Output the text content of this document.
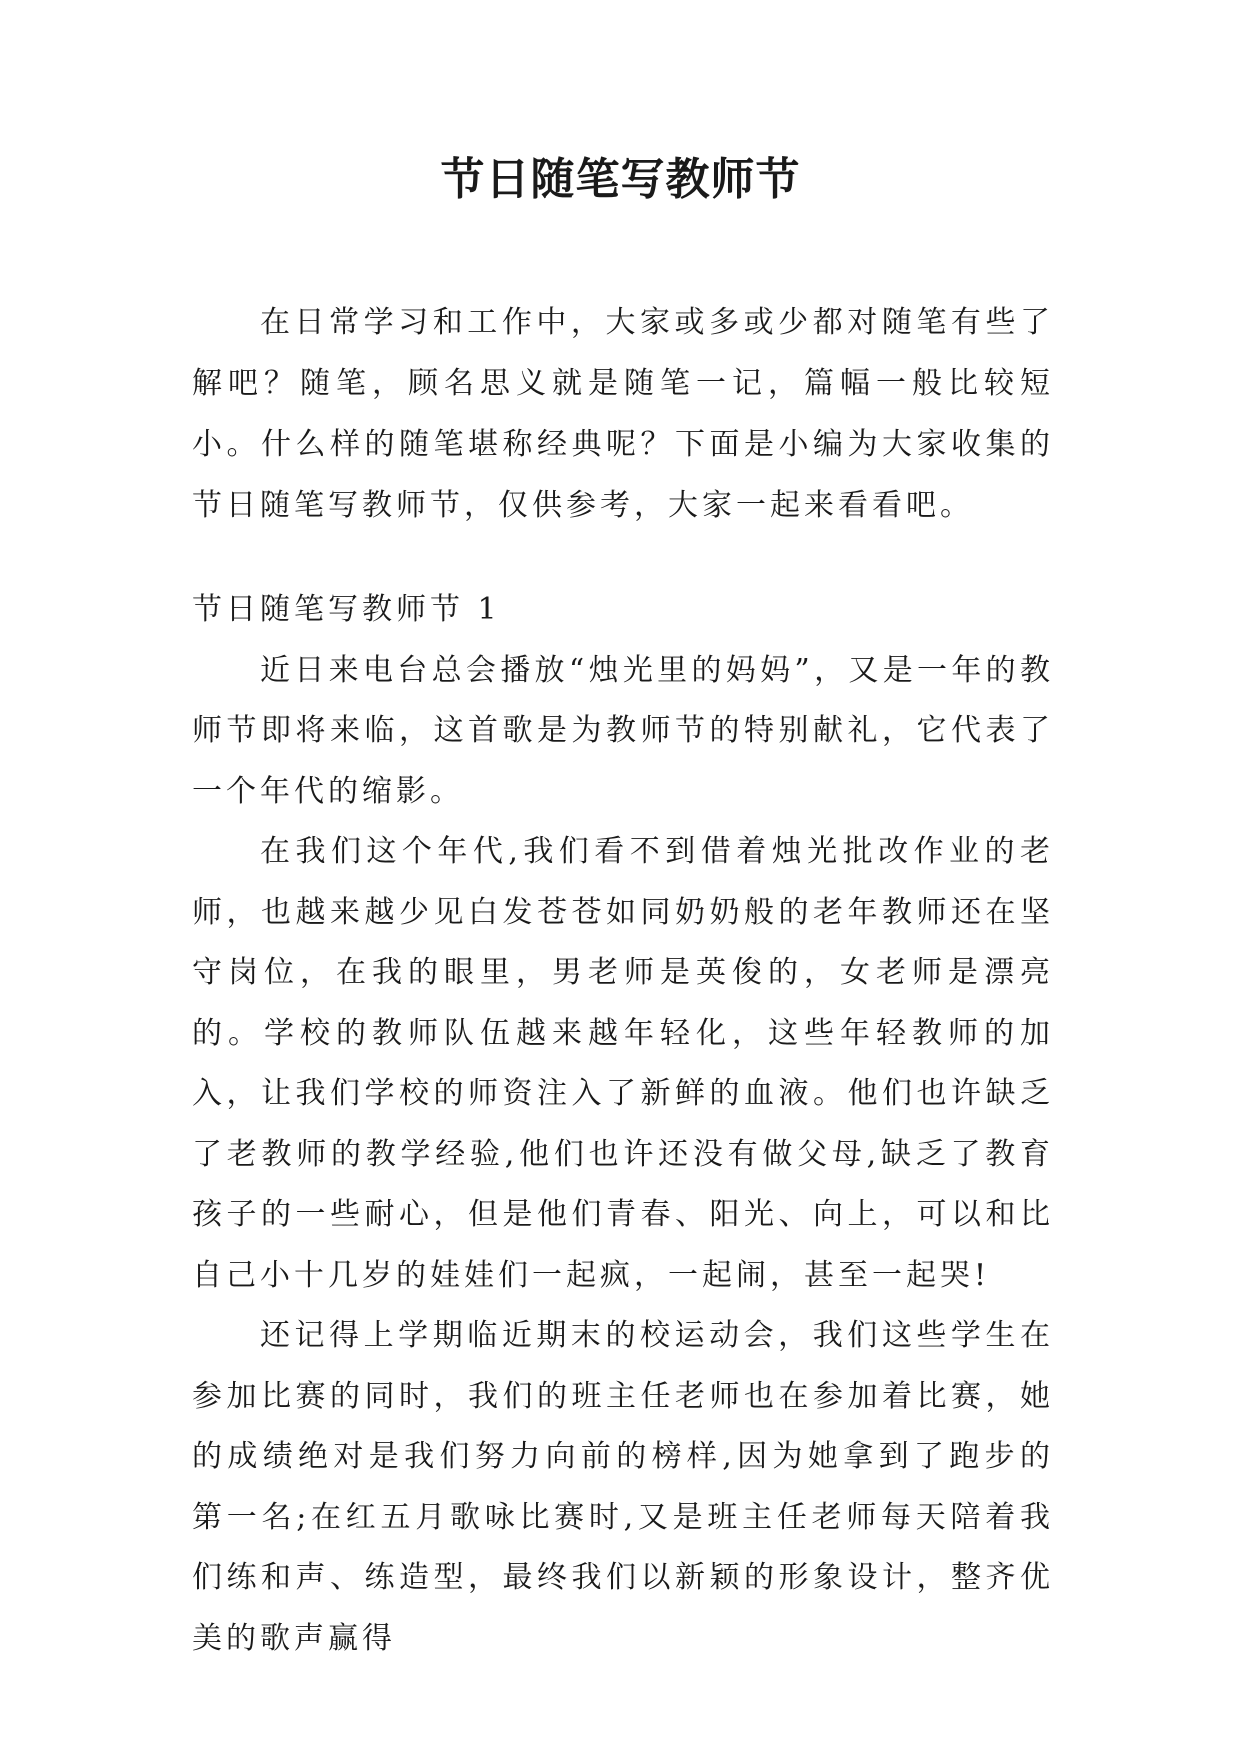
节日随笔写教师节

在日常学习和工作中，大家或多或少都对随笔有些了解吧？随笔，顾名思义就是随笔一记，篇幅一般比较短小。什么样的随笔堪称经典呢？下面是小编为大家收集的节日随笔写教师节，仅供参考，大家一起来看看吧。

节日随笔写教师节 1

近日来电台总会播放“烛光里的妈妈”，又是一年的教师节即将来临，这首歌是为教师节的特别献礼，它代表了一个年代的缩影。

在我们这个年代,我们看不到借着烛光批改作业的老师，也越来越少见白发苍苍如同奶奶般的老年教师还在坚守岗位，在我的眼里，男老师是英俊的，女老师是漂亮的。学校的教师队伍越来越年轻化，这些年轻教师的加入，让我们学校的师资注入了新鲜的血液。他们也许缺乏了老教师的教学经验,他们也许还没有做父母,缺乏了教育孩子的一些耐心，但是他们青春、阳光、向上，可以和比自己小十几岁的娃娃们一起疯，一起闹，甚至一起哭!

还记得上学期临近期末的校运动会，我们这些学生在参加比赛的同时，我们的班主任老师也在参加着比赛，她的成绩绝对是我们努力向前的榜样,因为她拿到了跑步的第一名;在红五月歌咏比赛时,又是班主任老师每天陪着我们练和声、练造型，最终我们以新颖的形象设计，整齐优美的歌声赢得
